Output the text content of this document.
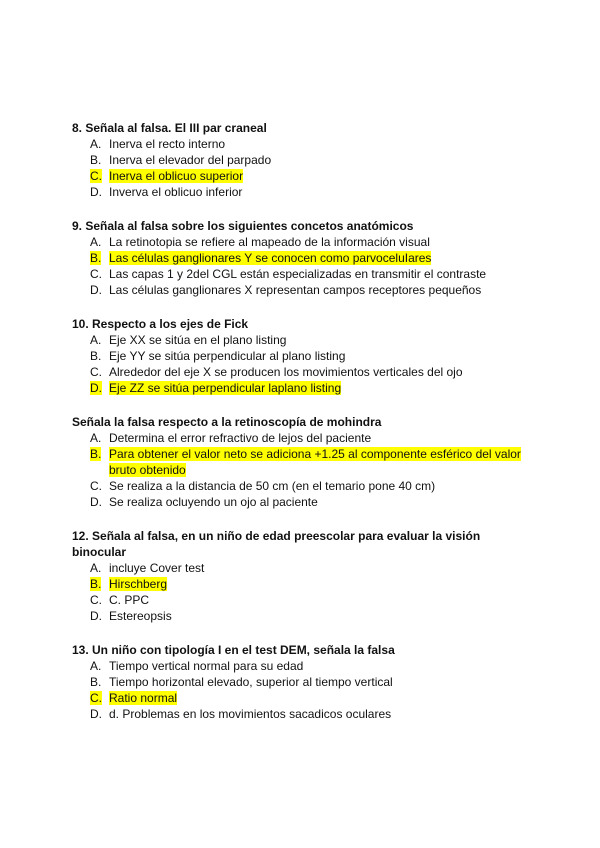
8. Señala al falsa. El III par craneal

A. Inerva el recto interno
B. Inerva el elevador del parpado
C. Inerva el oblicuo superior
D. Inverva el oblicuo inferior

9. Señala al falsa sobre los siguientes concetos anatómicos

A. La retinotopia se refiere al mapeado de la información visual
B. Las células ganglionares Y se conocen como parvoceluIares
C. Las capas 1 y 2del CGL están especializadas en transmitir el contraste
D. Las células ganglionares X representan campos receptores pequeños

10. Respecto a los ejes de Fick

A. Eje XX se sitúa en el plano listing
B. Eje YY se sitúa perpendicular al plano listing
C. Alrededor del eje X se producen los movimientos verticales del ojo
D. Eje ZZ se sitúa perpendicular laplano listing

Señala la falsa respecto a la retinoscopía de mohindra

A. Determina el error refractivo de lejos del paciente
B. Para obtener el valor neto se adiciona +1.25 al componente esférico del valor bruto obtenido
C. Se realiza a la distancia de 50 cm (en el temario pone 40 cm)
D. Se realiza ocluyendo un ojo al paciente

12. Señala al falsa, en un niño de edad preescolar para evaluar la visión binocular

A. incluye Cover test
B. Hirschberg
C. C. PPC
D. Estereopsis

13. Un niño con tipología I en el test DEM, señala la falsa

A. Tiempo vertical normal para su edad
B. Tiempo horizontal elevado, superior al tiempo vertical
C. Ratio normal
D. d. Problemas en los movimientos sacadicos oculares
